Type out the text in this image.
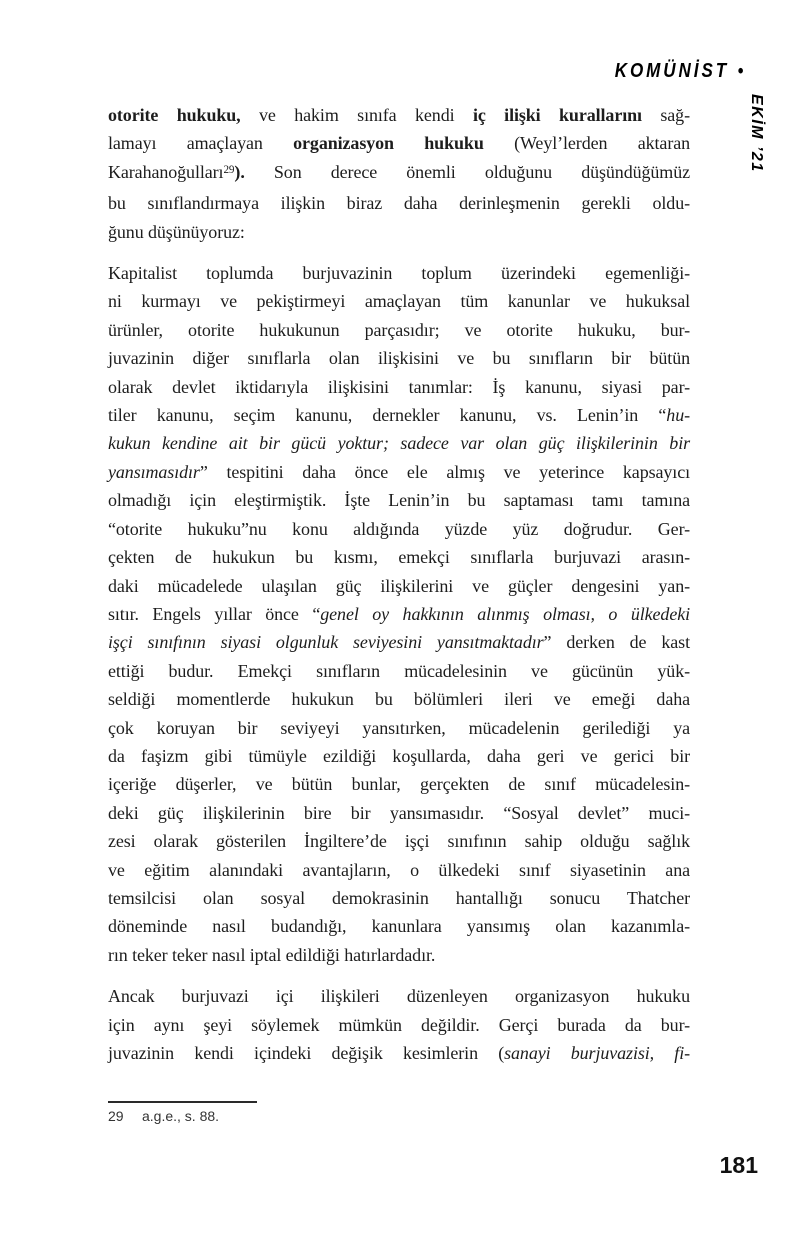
KOMÜNİST •
EKİM ’21
otorite hukuku, ve hakim sınıfa kendi iç ilişki kurallarını sağ-
lamayı amaçlayan organizasyon hukuku (Weyl’lerden aktaran
Karahanoğulları$^{29}$). Son derece önemli olduğunu düşündüğümüz
bu sınıflandırmaya ilişkin biraz daha derinleşmenin gerekli oldu-
ğunu düşünüyoruz:
Kapitalist toplumda burjuvazinin toplum üzerindeki egemenliği-
ni kurmayı ve pekiştirmeyi amaçlayan tüm kanunlar ve hukuksal
ürünler, otorite hukukunun parçasıdır; ve otorite hukuku, bur-
juvazinin diğer sınıflarla olan ilişkisini ve bu sınıfların bir bütün
olarak devlet iktidarıyla ilişkisini tanımlar: İş kanunu, siyasi par-
tiler kanunu, seçim kanunu, dernekler kanunu, vs. Lenin’in “hu-
kukun kendine ait bir gücü yoktur; sadece var olan güç ilişkilerinin bir
yansımasıdır” tespitini daha önce ele almış ve yeterince kapsayıcı
olmadığı için eleştirmiştik. İşte Lenin’in bu saptaması tamı tamına
“otorite hukuku”nu konu aldığında yüzde yüz doğrudur. Ger-
çekten de hukukun bu kısmı, emekçi sınıflarla burjuvazi arasın-
daki mücadelede ulaşılan güç ilişkilerini ve güçler dengesini yan-
sıtır. Engels yıllar önce “genel oy hakkının alınmış olması, o ülkedeki
işçi sınıfının siyasi olgunluk seviyesini yansıtmaktadır” derken de kast
ettiği budur. Emekçi sınıfların mücadelesinin ve gücünün yük-
seldiği momentlerde hukukun bu bölümleri ileri ve emeği daha
çok koruyan bir seviyeyi yansıtırken, mücadelenin gerilediği ya
da faşizm gibi tümüyle ezildiği koşullarda, daha geri ve gerici bir
içeriğe düşerler, ve bütün bunlar, gerçekten de sınıf mücadelesin-
deki güç ilişkilerinin bire bir yansımasıdır. “Sosyal devlet” muci-
zesi olarak gösterilen İngiltere’de işçi sınıfının sahip olduğu sağlık
ve eğitim alanındaki avantajların, o ülkedeki sınıf siyasetinin ana
temsilcisi olan sosyal demokrasinin hantallığı sonucu Thatcher
döneminde nasıl budandığı, kanunlara yansımış olan kazanımla-
rın teker teker nasıl iptal edildiği hatırlardadır.
Ancak burjuvazi içi ilişkileri düzenleyen organizasyon hukuku
için aynı şeyi söylemek mümkün değildir. Gerçi burada da bur-
juvazinin kendi içindeki değişik kesimlerin (sanayi burjuvazisi, fi-
29 a.g.e., s. 88.
181
